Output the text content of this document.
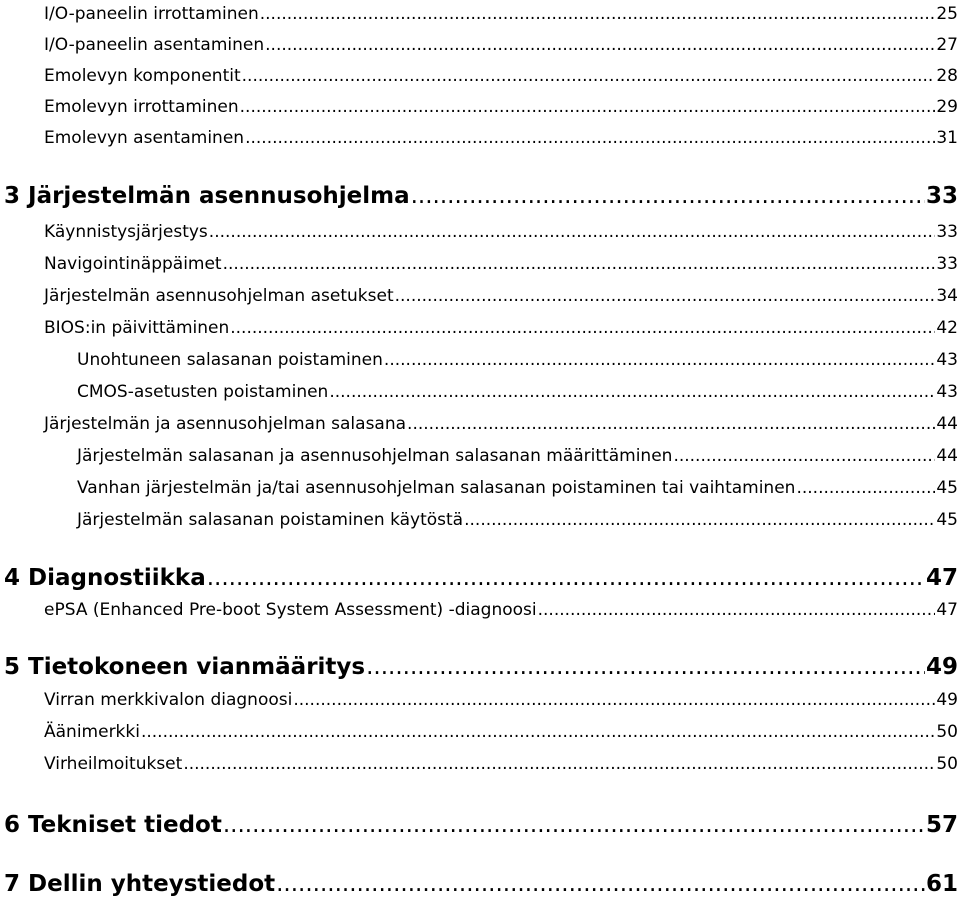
I/O-paneelin irrottaminen .....	25
I/O-paneelin asentaminen .....	27
Emolevyn komponentit .....	28
Emolevyn irrottaminen .....	29
Emolevyn asentaminen .....	31
3 Järjestelmän asennusohjelma .....	33
Käynnistysjärjestys .....	33
Navigointinäppäimet .....	33
Järjestelmän asennusohjelman asetukset .....	34
BIOS:in päivittäminen .....	42
Unohtuneen salasanan poistaminen .....	43
CMOS-asetusten poistaminen .....	43
Järjestelmän ja asennusohjelman salasana .....	44
Järjestelmän salasanan ja asennusohjelman salasanan määrittäminen .....	44
Vanhan järjestelmän ja/tai asennusohjelman salasanan poistaminen tai vaihtaminen .....	45
Järjestelmän salasanan poistaminen käytöstä .....	45
4 Diagnostiikka .....	47
ePSA (Enhanced Pre-boot System Assessment) -diagnoosi .....	47
5 Tietokoneen vianmääritys .....	49
Virran merkkivalon diagnoosi .....	49
Äänimerkki .....	50
Virheilmoitukset .....	50
6 Tekniset tiedot .....	57
7 Dellin yhteystiedot .....	61
